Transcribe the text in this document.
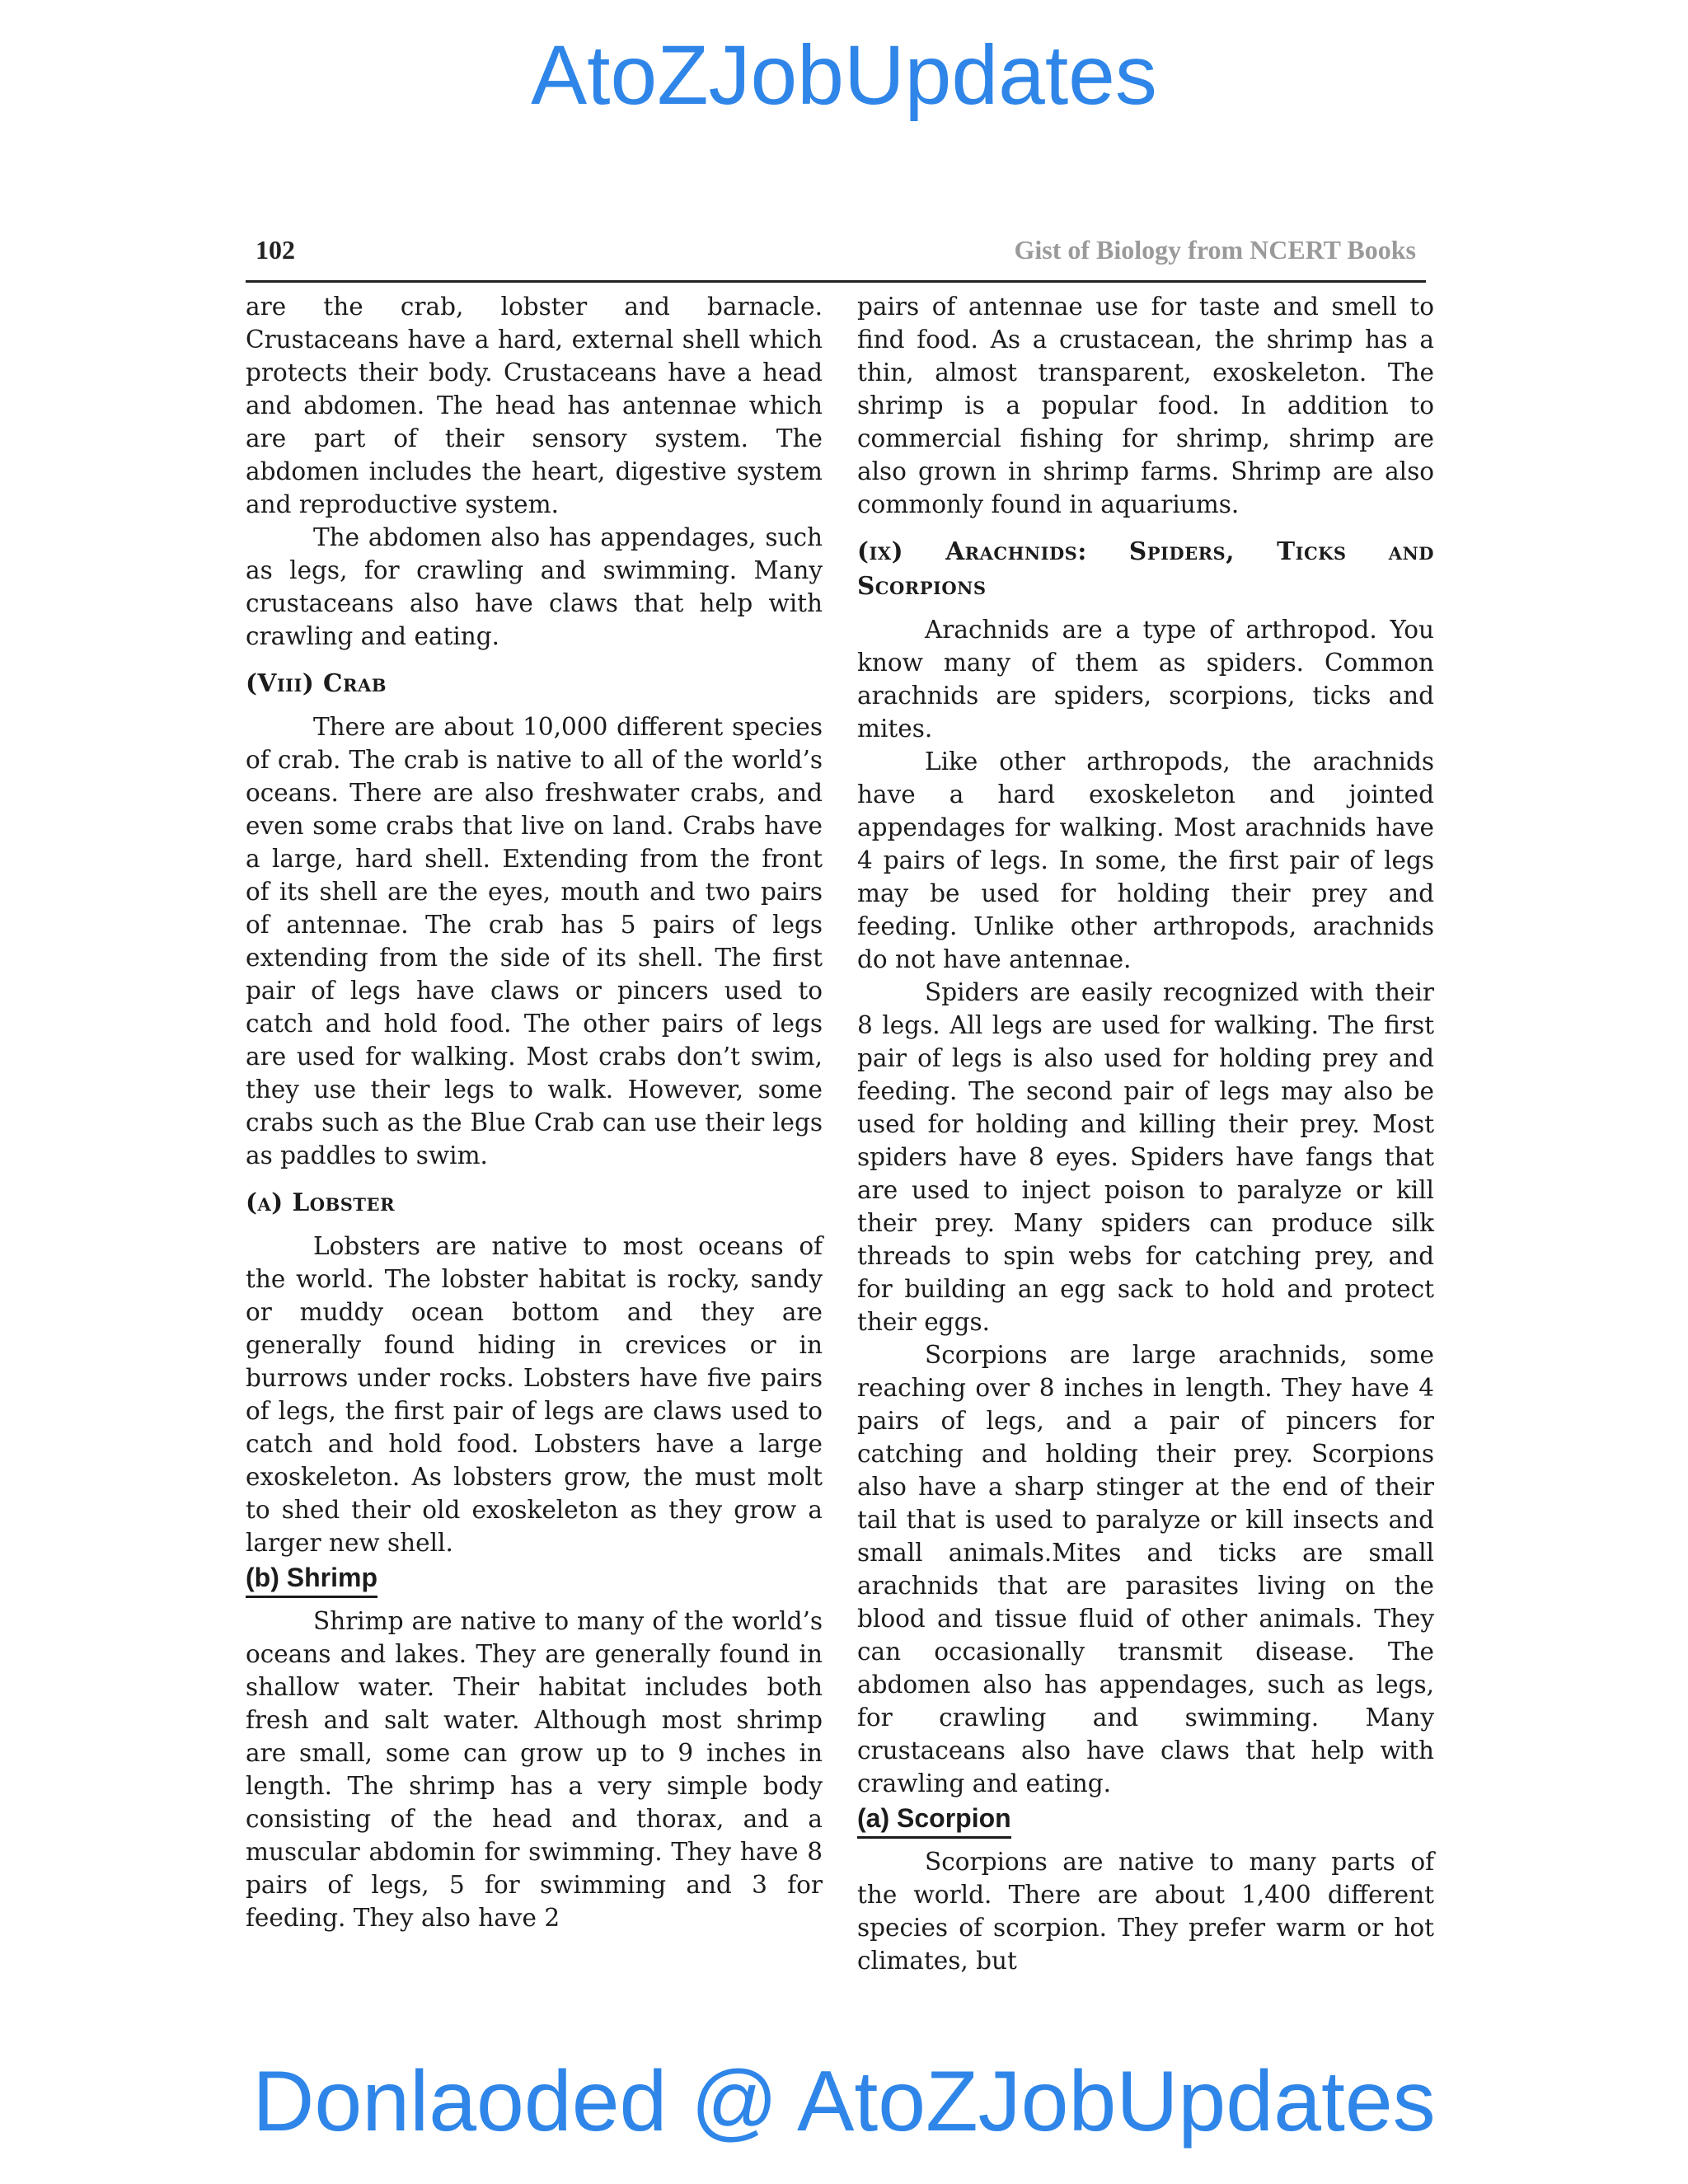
AtoZJobUpdates
102	Gist of Biology from NCERT Books

are the crab, lobster and barnacle. Crustaceans have a hard, external shell which protects their body. Crustaceans have a head and abdomen. The head has antennae which are part of their sensory system. The abdomen includes the heart, digestive system and reproductive system.

The abdomen also has appendages, such as legs, for crawling and swimming. Many crustaceans also have claws that help with crawling and eating.

(Viii) Crab

There are about 10,000 different species of crab. The crab is native to all of the world’s oceans. There are also freshwater crabs, and even some crabs that live on land. Crabs have a large, hard shell. Extending from the front of its shell are the eyes, mouth and two pairs of antennae. The crab has 5 pairs of legs extending from the side of its shell. The first pair of legs have claws or pincers used to catch and hold food. The other pairs of legs are used for walking. Most crabs don’t swim, they use their legs to walk. However, some crabs such as the Blue Crab can use their legs as paddles to swim.

(a) Lobster

Lobsters are native to most oceans of the world. The lobster habitat is rocky, sandy or muddy ocean bottom and they are generally found hiding in crevices or in burrows under rocks. Lobsters have five pairs of legs, the first pair of legs are claws used to catch and hold food. Lobsters have a large exoskeleton. As lobsters grow, the must molt to shed their old exoskeleton as they grow a larger new shell.

(b) Shrimp

Shrimp are native to many of the world’s oceans and lakes. They are generally found in shallow water. Their habitat includes both fresh and salt water. Although most shrimp are small, some can grow up to 9 inches in length. The shrimp has a very simple body consisting of the head and thorax, and a muscular abdomin for swimming. They have 8 pairs of legs, 5 for swimming and 3 for feeding. They also have 2

pairs of antennae use for taste and smell to find food. As a crustacean, the shrimp has a thin, almost transparent, exoskeleton. The shrimp is a popular food. In addition to commercial fishing for shrimp, shrimp are also grown in shrimp farms. Shrimp are also commonly found in aquariums.

(ix) Arachnids: Spiders, Ticks and Scorpions

Arachnids are a type of arthropod. You know many of them as spiders. Common arachnids are spiders, scorpions, ticks and mites.

Like other arthropods, the arachnids have a hard exoskeleton and jointed appendages for walking. Most arachnids have 4 pairs of legs. In some, the first pair of legs may be used for holding their prey and feeding. Unlike other arthropods, arachnids do not have antennae.

Spiders are easily recognized with their 8 legs. All legs are used for walking. The first pair of legs is also used for holding prey and feeding. The second pair of legs may also be used for holding and killing their prey. Most spiders have 8 eyes. Spiders have fangs that are used to inject poison to paralyze or kill their prey. Many spiders can produce silk threads to spin webs for catching prey, and for building an egg sack to hold and protect their eggs.

Scorpions are large arachnids, some reaching over 8 inches in length. They have 4 pairs of legs, and a pair of pincers for catching and holding their prey. Scorpions also have a sharp stinger at the end of their tail that is used to paralyze or kill insects and small animals.Mites and ticks are small arachnids that are parasites living on the blood and tissue fluid of other animals. They can occasionally transmit disease. The abdomen also has appendages, such as legs, for crawling and swimming. Many crustaceans also have claws that help with crawling and eating.

(a) Scorpion

Scorpions are native to many parts of the world. There are about 1,400 different species of scorpion. They prefer warm or hot climates, but

Donlaoded @ AtoZJobUpdates
